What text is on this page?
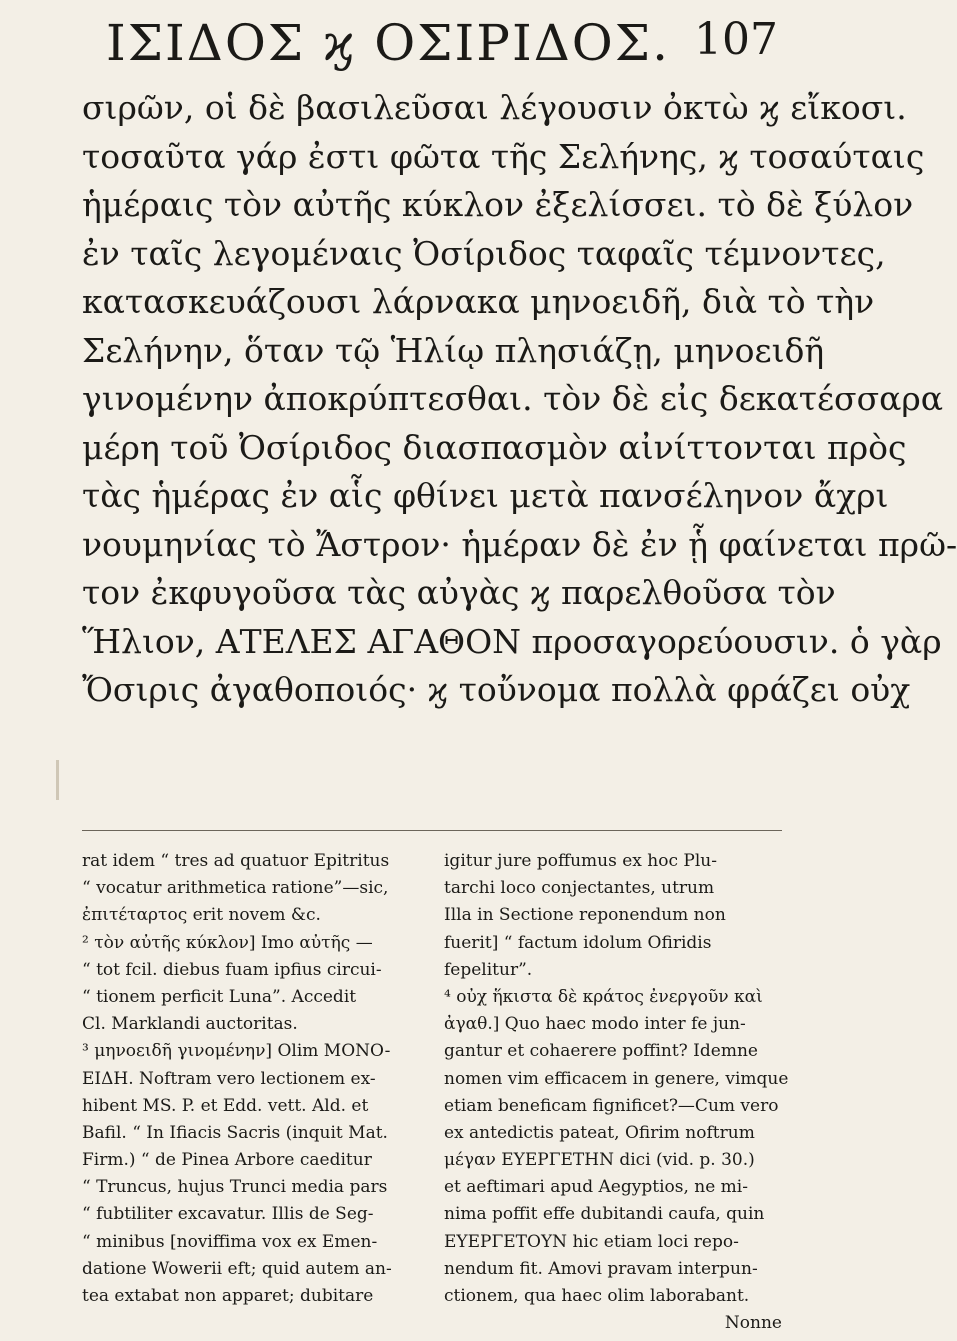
ΙΣΙΔΟΣ ϗ ΟΣΙΡΙΔΟΣ. 107
σιρῶν, οἱ δὲ βασιλεῦσαι λέγουσιν ὀκτὼ ϗ εἴκοσι.
τοσαῦτα γάρ ἐστι φῶτα τῆς Σελήνης, ϗ τοσαύταις
ἡμέραις τὸν αὐτῆς κύκλον ἐξελίσσει. τὸ δὲ ξύλον
ἐν ταῖς λεγομέναις Ὀσίριδος ταφαῖς τέμνοντες,
κατασκευάζουσι λάρνακα μηνοειδῆ, διὰ τὸ τὴν
Σελήνην, ὅταν τῷ Ἡλίῳ πλησιάζῃ, μηνοειδῆ
γινομένην ἀποκρύπτεσθαι. τὸν δὲ εἰς δεκατέσσαρα
μέρη τοῦ Ὀσίριδος διασπασμὸν αἰνίττονται πρὸς
τὰς ἡμέρας ἐν αἷς φθίνει μετὰ πανσέληνον ἄχρι
νουμηνίας τὸ Ἄστρον· ἡμέραν δὲ ἐν ᾗ φαίνεται πρῶ-
τον ἐκφυγοῦσα τὰς αὐγὰς ϗ παρελθοῦσα τὸν
Ἥλιον, ΑΤΕΛΕΣ ΑΓΑΘΟΝ προσαγορεύουσιν. ὁ γὰρ
Ὄσιρις ἀγαθοποιός· ϗ τοὔνομα πολλὰ φράζει οὐχ
rat idem “ tres ad quatuor Epitritus
“ vocatur arithmetica ratione”—sic,
ἐπιτέταρτος erit novem &c.
² τὸν αὐτῆς κύκλον] Imo αὐτῆς —
“ tot fcil. diebus fuam ipfius circui-
“ tionem perficit Luna”. Accedit
Cl. Marklandi auctoritas.
³ μηνοειδῆ γινομένην] Olim MONO-
ΕΙΔΗ. Noftram vero lectionem ex-
hibent MS. P. et Edd. vett. Ald. et
Bafil. “ In Ifiacis Sacris (inquit Mat.
Firm.) “ de Pinea Arbore caeditur
“ Truncus, hujus Trunci media pars
“ fubtiliter excavatur. Illis de Seg-
“ minibus [noviffima vox ex Emen-
datione Wowerii eft; quid autem an-
tea extabat non apparet; dubitare
igitur jure poffumus ex hoc Plu-
tarchi loco conjectantes, utrum
Illa in Sectione reponendum non
fuerit] “ factum idolum Ofiridis
fepelitur”.
⁴ οὐχ ἥκιστα δὲ κράτος ἐνεργοῦν καὶ
ἀγαθ.] Quo haec modo inter fe jun-
gantur et cohaerere poffint? Idemne
nomen vim efficacem in genere, vimque
etiam beneficam fignificet?—Cum vero
ex antedictis pateat, Ofirim noftrum
μέγαν ΕΥΕΡΓΕΤΗΝ dici (vid. p. 30.)
et aeftimari apud Aegyptios, ne mi-
nima poffit effe dubitandi caufa, quin
ΕΥΕΡΓΕΤΟΥΝ hic etiam loci repo-
nendum fit. Amovi pravam interpun-
ctionem, qua haec olim laborabant.
Nonne
